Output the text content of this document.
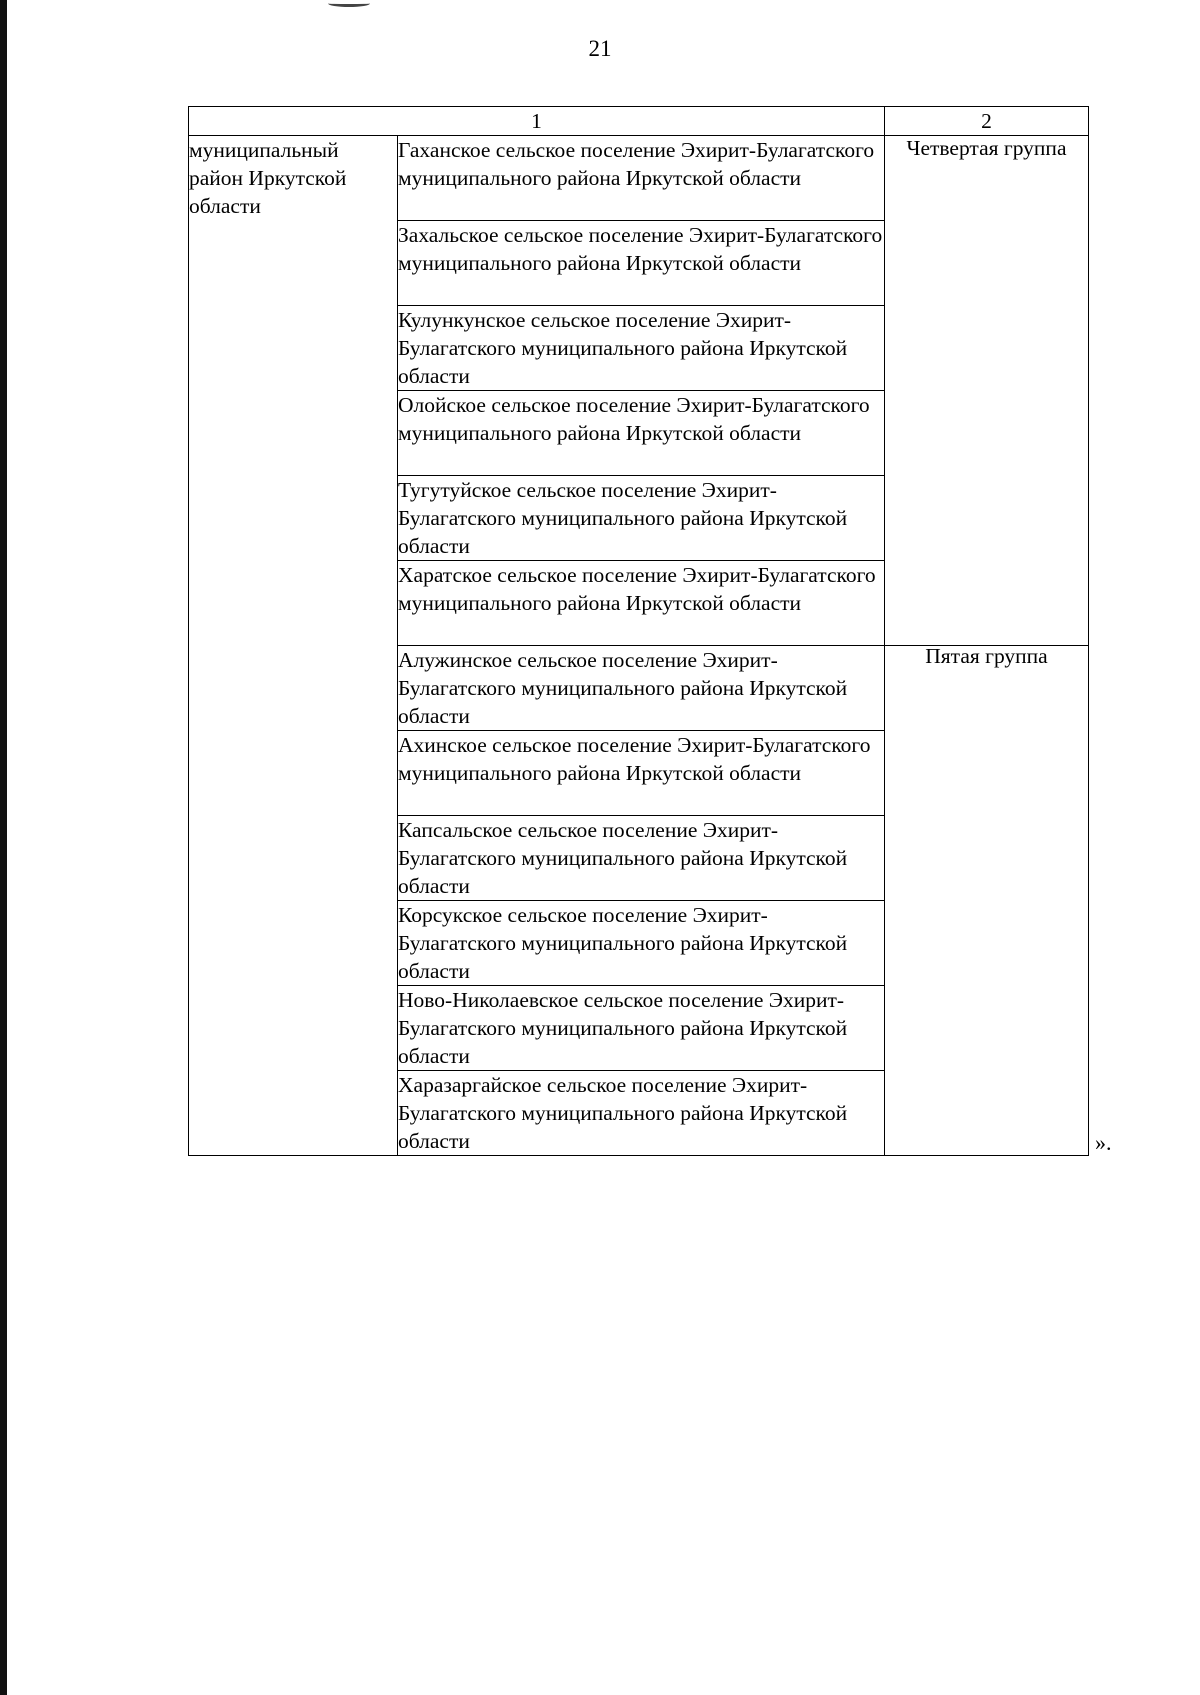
21
1		2
муниципальный район Иркутской области	Гаханское сельское поселение Эхирит-Булагатского муниципального района Иркутской области	Четвертая группа
	Захальское сельское поселение Эхирит-Булагатского муниципального района Иркутской области	
	Кулункунское сельское поселение Эхирит-Булагатского муниципального района Иркутской области	
	Олойское сельское поселение Эхирит-Булагатского муниципального района Иркутской области	
	Тугутуйское сельское поселение Эхирит-Булагатского муниципального района Иркутской области	
	Харатское сельское поселение Эхирит-Булагатского муниципального района Иркутской области	
	Алужинское сельское поселение Эхирит-Булагатского муниципального района Иркутской области	Пятая группа
	Ахинское сельское поселение Эхирит-Булагатского муниципального района Иркутской области	
	Капсальское сельское поселение Эхирит-Булагатского муниципального района Иркутской области	
	Корсукское сельское поселение Эхирит-Булагатского муниципального района Иркутской области	
	Ново-Николаевское сельское поселение Эхирит-Булагатского муниципального района Иркутской области	
	Харазаргайское сельское поселение Эхирит-Булагатского муниципального района Иркутской области		».
